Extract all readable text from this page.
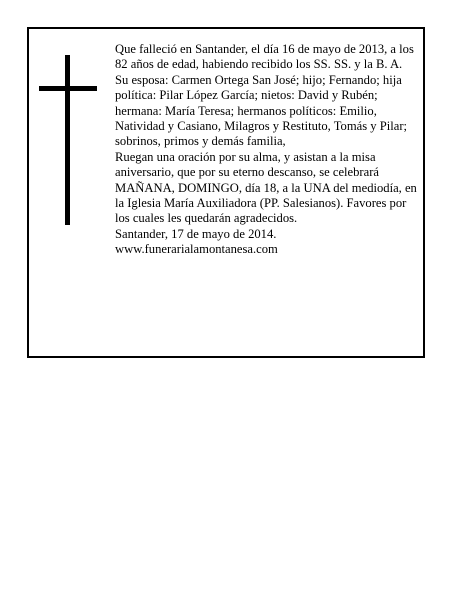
Que falleció en Santander, el día 16 de mayo de 2013, a los 82 años de edad, habiendo recibido los SS. SS. y la B. A.

Su esposa: Carmen Ortega San José; hijo; Fernando; hija política: Pilar López García; nietos: David y Rubén; hermana: María Teresa; hermanos políticos: Emilio, Natividad y Casiano, Milagros y Restituto, Tomás y Pilar; sobrinos, primos y demás familia,

Ruegan una oración por su alma, y asistan a la misa aniversario, que por su eterno descanso, se celebrará MAÑANA, DOMINGO, día 18, a la UNA del mediodía, en la Iglesia María Auxiliadora (PP. Salesianos). Favores por los cuales les quedarán agradecidos.

Santander, 17 de mayo de 2014.

www.funerarialamontanesa.com
